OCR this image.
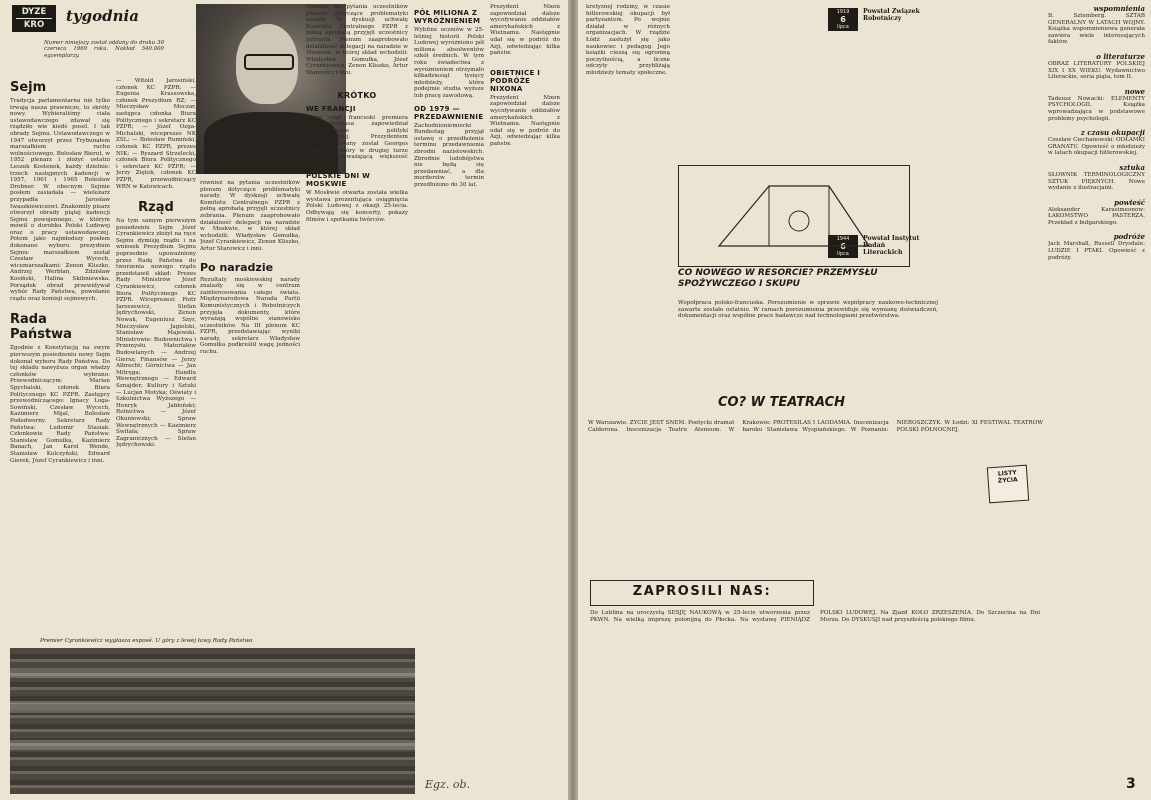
DYZE
KRO	tygodnia
Numer niniejszy został oddany do druku 30 czerwca 1969 roku. Nakład 540.000 egzemplarzy.
Sejm
Tradycja parlamentarna nie tylko trwają nasza prawnicze, to skróty nowy. Wybieraliśmy ciała ustawodawczego zdawał się rządziło wie kiedś posel. I tak obrady Sejmu. Ustawodawczego w 1947 otworzył przez Trybunałem marszałkiem ruchu wolnościowego, Bolesław Bierut, w 1952 plenarz i złożyć ostatni Leszek Kostenek, każdy dzielnie: trzech następnych kadencji w 1957, 1961 i 1965 Bolesław Drobner. W obecnym Sejmie posłem zasiadała — wieleżarz przypadła Jarosław Iwaszkiewiczowi. Znakomity pisarz otworzył obrady piątej kadencji Sejmu powojennego, w którym mówił o dorobku Polski Ludowej oraz o pracy ustawodawczej. Potem jako najmłodszy posłem dokonano wyboru prezydium Sejmu: marszałkiem został Czesław Wycech, wicemarszałkami: Zenon Kliszko, Andrzej Werblan, Zdzisław Kosiński, Halina Skibniewska. Porządek obrad przewidywał wybór Rady Państwa, powołanie rządu oraz komisji sejmowych.
Rada Państwa
Zgodnie z Konstytucją na swym pierwszym posiedzeniu nowy Sejm dokonał wyboru Rady Państwa. Do tej składu nawyższa organ władzy członków wybrano: Przewodniczącym: Marian Spychalski, członek Biura Politycznego KC PZPR. Zastępcy przewodniczącego: Ignacy Loga-Sowiński, Czesław Wycech, Kazimierz Mijal, Bolesław Podedworny. Sekretarz Rady Państwa: Ludomir Stasiak. Członkowie Rady Państwa: Stanisław Gomułka, Kazimierz Banach, Jan Karol Wende, Stanisław Kulczyński, Edward Gierek, Józef Cyrankiewicz i inni.
— Witold Jarosiński, członek KC PZPR; — Eugenia Krassowska, członek Prezydium RZ; — Mieczysław Moczar, zastępca członka Biura Politycznego i sekretarz KC PZPR; — Józef Ozga-Michalski, wiceprezes NK ZSL; — Bolesław Rumiński, członek KC PZPR, prezes NIK; — Ryszard Strzelecki, członek Biura Politycznego i sekretarz KC PZPR; — Jerzy Ziętek, członek KC PZPR, przewodniczący WRN w Katowicach.
Rząd
Na tym samym pierwszym posiedzeniu Sejm Józef Cyrankiewicz złożył na ręce Sejmu dymisję rządu i na wniosek Prezydium Sejmu poprzednio upoważniony przez Radę Państwa do tworzenia nowego rządu przedstawił skład: Prezes Rady Ministrów Józef Cyrankiewicz, członek Biura Politycznego KC PZPR. Wiceprezesi: Piotr Jaroszewicz, Stefan Jędrychowski, Zenon Nowak, Eugeniusz Szyr, Mieczysław Jagielski, Stanisław Majewski. Ministrowie: Budownictwa i Przemysłu Materiałów Budowlanych — Andrzej Giersz; Finansów — Jerzy Albrecht; Górnictwa — Jan Mitręga; Handlu Wewnętrznego — Edward Sznajder; Kultury i Sztuki — Lucjan Motyka; Oświaty i Szkolnictwa Wyższego — Henryk Jabłoński; Rolnictwa — Józef Okuniewski; Spraw Wewnętrznych — Kazimierz Świtała; Spraw Zagranicznych — Stefan Jędrychowski.
również na pytania uczestników plenum dotyczące problematyki narady. W dyskusji uchwałę Komitetu Centralnego PZPR z pełną aprobatą przyjęli uczestnicy zebrania. Plenum zaaprobowało działalność delegacji na naradzie w Moskwie, w której skład wchodzili: Władysław Gomułka, Józef Cyrankiewicz, Zenon Kliszko, Artur Starewicz i inni.
Po naradzie
Rezultaty moskiewskiej narady znalazły się w centrum zainteresowania całego świata. Międzynarodowa Narada Partii Komunistycznych i Robotniczych przyjęła dokumenty, które wyrażają wspólne stanowisko uczestników. Na III plenum KC PZPR, przedstawiając wyniki narady, sekretarz Władysław Gomułka podkreślił wagę jedności ruchu.
również na pytania uczestników plenum dotyczące problematyki narady. W dyskusji uchwałę Komitetu Centralnego PZPR z pełną aprobatą przyjęli uczestnicy zebrania. Plenum zaaprobowało działalność delegacji na naradzie w Moskwie, w której skład wchodzili: Władysław Gomułka, Józef Cyrankiewicz, Zenon Kliszko, Artur Starewicz i inni.
KRÓTKO
WE FRANCJI
Nowy rząd francuski premiera Chaban-Delmasa zapowiedział kontynuowanie polityki gaullistowskiej. Prezydentem Francji wybrany został Georges Pompidou, który w drugiej turze uzyskał przeważającą większość głosów.
POLSKIE DNI W MOSKWIE
W Moskwie otwarta została wielka wystawa prezentująca osiągnięcia Polski Ludowej z okazji 25-lecia. Odbywają się koncerty, pokazy filmów i spotkania twórców.
PÓŁ MILIONA Z WYRÓŻNIENIEM
Wybitne uczniów w 25-letniej historii Polski Ludowej wyróżniono pół miliona absolwentów szkół średnich. W tym roku świadectwa z wyróżnieniem otrzymało kilkadziesiąt tysięcy młodzieży, która podejmie studia wyższe lub pracę zawodową.
OD 1979 — PRZEDAWNIENIE
Zachodnioniemiecki Bundestag przyjął ustawę o przedłużeniu terminu przedawnienia zbrodni nazistowskich. Zbrodnie ludobójstwa nie będą się przedawniać, a dla morderstw termin przedłużono do 30 lat.
Prezydent Nixon zapowiedział dalsze wycofywanie oddziałów amerykańskich z Wietnamu. Następnie udał się w podróż do Azji, odwiedzając kilka państw.
OBIETNICE I PODRÓŻE NIXONA
Prezydent Nixon zapowiedział dalsze wycofywanie oddziałów amerykańskich z Wietnamu. Następnie udał się w podróż do Azji, odwiedzając kilka państw.
Premier Cyrankiewicz wygłasza exposé. U góry z lewej ławy Rady Państwa
Egz. ob.
kretyznej rodziny, w czasie hitlerowskiej okupacji był partyzantem. Po wojnie działał w różnych organizacjach. W rządzie Łódź zasłużył się jako naukowiec i pedagog. Jego książki cieszą się ogromną poczytnością, a liczne odczyty przybliżają młodzieży tematy społeczne.
1919
6
lipca
Powstał Związek Robotniczy
1944
6
lipca
Powstał Instytut Badań Literackich
wspomnienia
B. Sztemberg. SZTAB GENERALNY W LATACH WOJNY. Książka wspomnieniowa generała zawiera wiele interesujących faktów.
o literaturze
OBRAZ LITERATURY POLSKIEJ XIX I XX WIEKU. Wydawnictwo Literackie, seria piąta, tom II.
nowe
Tadeusz Nowacki: ELEMENTY PSYCHOLOGII. Książka wprowadzająca w podstawowe problemy psychologii.
z czasu okupacji
Czesław Ciechanowski: ODŁAMKI GRANATU. Opowieść o młodzieży w latach okupacji hitlerowskiej.
sztuka
SŁOWNIK TERMINOLOGICZNY SZTUK PIĘKNYCH. Nowe wydanie z ilustracjami.
powieść
Aleksander Karasimeonow: ŁAKOMSTWO PASTERZA. Przekład z bułgarskiego.
podróże
Jack Marshall, Russell Drysdale: LUDZIE I PTAKI. Opowieść z podróży.
CO NOWEGO W RESORCIE? PRZEMYSŁU SPOŻYWCZEGO I SKUPU
Współpraca polsko-francuska. Porozumienie w sprawie współpracy naukowo-technicznej zawarte zostało ostatnio. W ramach porozumienia przewiduje się wymianę doświadczeń, dokumentacji oraz wspólne prace badawcze nad technologiami przetwórstwa.
CO? W TEATRACH
W Warszawie. ŻYCIE JEST SNEM. Poetycki dramat Calderona. Inscenizacja Teatru Ateneum. W Krakowie: PROTESILAS I LAODAMIA. Inscenizacja baroku Stanisława Wyspiańskiego. W Poznaniu: NIEBOSZCZYK. W Łodzi: XI FESTIWAL TEATRÓW POLSKI PÓŁNOCNEJ.
LISTY ŻYCIA
ZAPROSILI NAS:
Do Lublina na uroczystą SESJĘ NAUKOWĄ w 25-lecie utworzenia przez PKWN. Na wielką imprezę polonijną do Płocka. Na wystawę PIENIĄDZ POLSKI LUDOWEJ. Na Zjazd KOŁO ZRZESZENIA. Do Szczecina na Dni Morza. Do DYSKUSJI nad przyszłością polskiego filmu.
3
